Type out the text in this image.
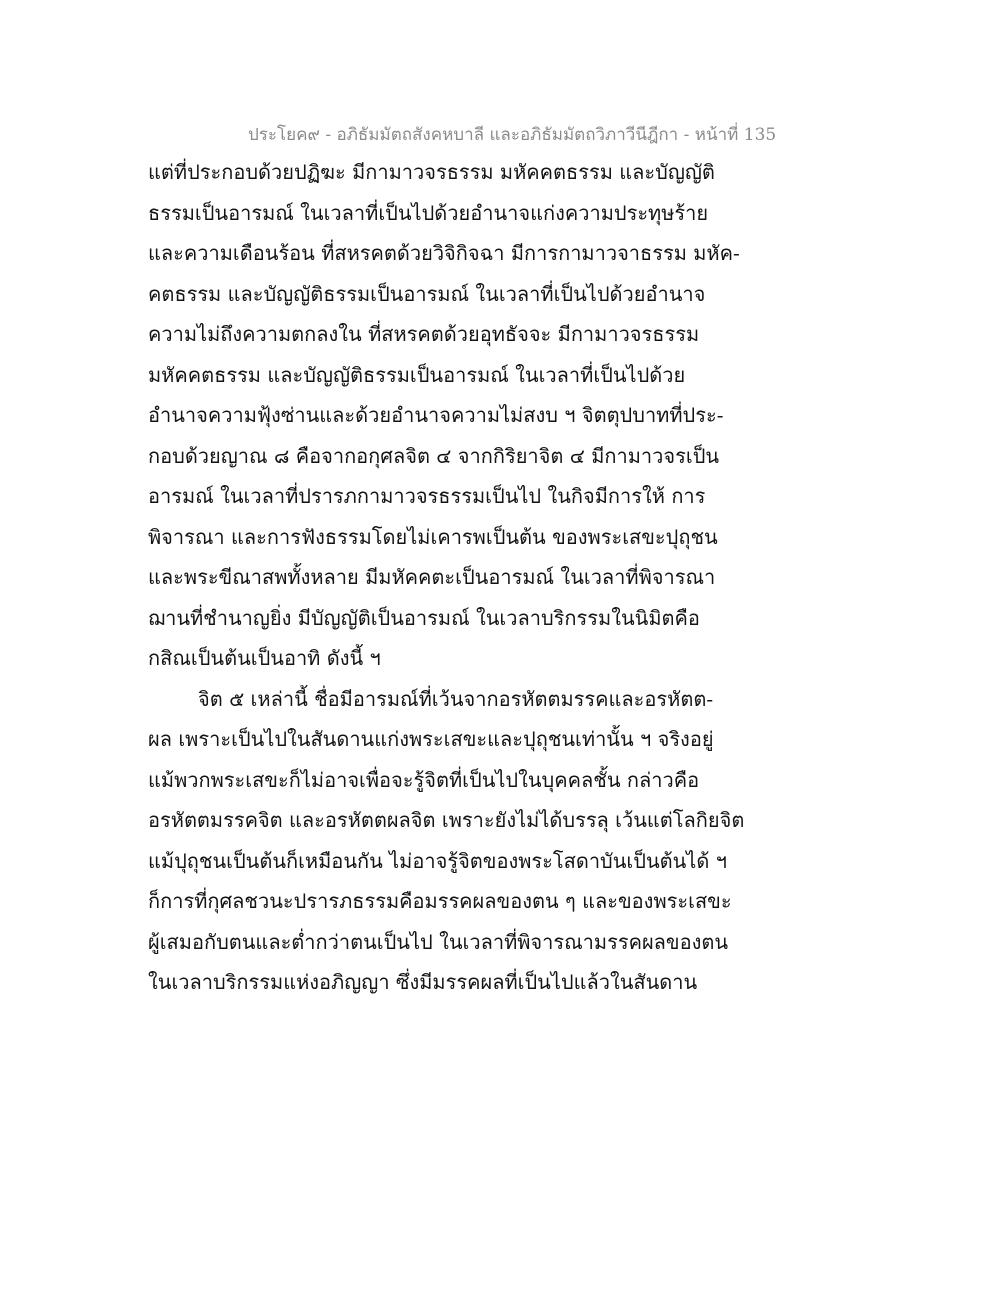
ประโยค๙ - อภิธัมมัตถสังคหบาลี และอภิธัมมัตถวิภาวีนีฎีกา - หน้าที่ 135
แต่ที่ประกอบด้วยปฏิฆะ มีกามาวจรธรรม มหัคคตธรรม และบัญญัติ
ธรรมเป็นอารมณ์ ในเวลาที่เป็นไปด้วยอำนาจแก่งความประทุษร้าย
และความเดือนร้อน ที่สหรคตด้วยวิจิกิจฉา มีการกามาวจาธรรม มหัค-
คตธรรม และบัญญัติธรรมเป็นอารมณ์ ในเวลาที่เป็นไปด้วยอำนาจ
ความไม่ถึงความตกลงใน ที่สหรคตด้วยอุทธัจจะ มีกามาวจรธรรม
มหัคคตธรรม และบัญญัติธรรมเป็นอารมณ์ ในเวลาที่เป็นไปด้วย
อำนาจความฟุ้งซ่านและด้วยอำนาจความไม่สงบ ฯ จิตตุปบาทที่ประ-
กอบด้วยญาณ ๘ คือจากอกุศลจิต ๔ จากกิริยาจิต ๔ มีกามาวจรเป็น
อารมณ์ ในเวลาที่ปรารภกามาวจรธรรมเป็นไป ในกิจมีการให้ การ
พิจารณา และการฟังธรรมโดยไม่เคารพเป็นต้น ของพระเสขะปุถุชน
และพระขีณาสพทั้งหลาย มีมหัคคตะเป็นอารมณ์ ในเวลาที่พิจารณา
ฌานที่ชำนาญยิ่ง มีบัญญัติเป็นอารมณ์ ในเวลาบริกรรมในนิมิตคือ
กสิณเป็นต้นเป็นอาทิ ดังนี้ ฯ
จิต ๕ เหล่านี้ ชื่อมีอารมณ์ที่เว้นจากอรหัตตมรรคและอรหัตต-
ผล เพราะเป็นไปในสันดานแก่งพระเสขะและปุถุชนเท่านั้น ฯ จริงอยู่
แม้พวกพระเสขะก็ไม่อาจเพื่อจะรู้จิตที่เป็นไปในบุคคลชั้น กล่าวคือ
อรหัตตมรรคจิต และอรหัตตผลจิต เพราะยังไม่ได้บรรลุ เว้นแต่โลกิยจิต
แม้ปุถุชนเป็นต้นก็เหมือนกัน ไม่อาจรู้จิตของพระโสดาบันเป็นต้นได้ ฯ
ก็การที่กุศลชวนะปรารภธรรมคือมรรคผลของตน ๆ และของพระเสขะ
ผู้เสมอกับตนและต่ำกว่าตนเป็นไป ในเวลาที่พิจารณามรรคผลของตน
ในเวลาบริกรรมแห่งอภิญญา ซึ่งมีมรรคผลที่เป็นไปแล้วในสันดาน
